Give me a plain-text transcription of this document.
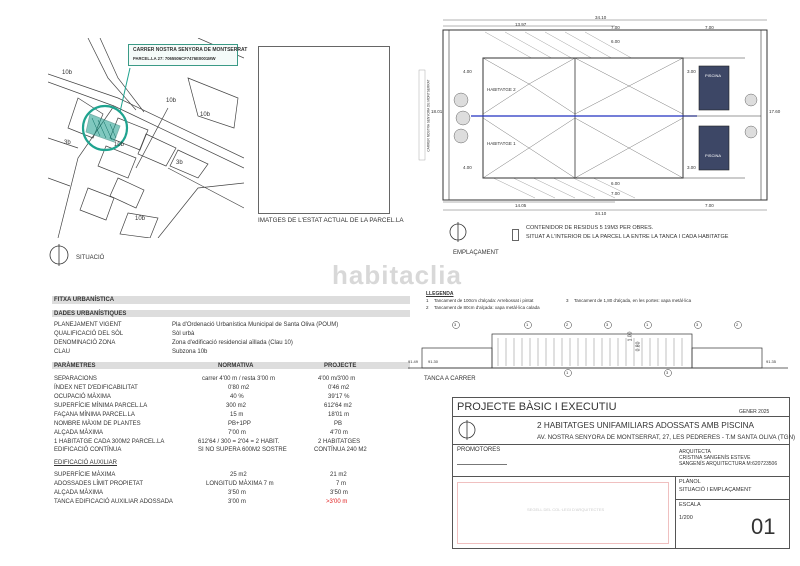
CARRER NOSTRA SENYORA DE MONTSERRAT
PARCEL.LA 27: 7065506CF7476E0001MW
10b
3b	10b
3b
10b
10b
10b
SITUACIÓ
IMATGES DE L'ESTAT ACTUAL DE LA PARCEL.LA
34.10
13.97
14.05
34.10
7.00
6.00
6.00
7.00
7.00
7.00
18.01	17.60
4.00
4.00
3.00
3.00
HABITATGE 2
HABITATGE 1
PISCINA
PISCINA
CARRER NOSTRA SENYORA DE MONTSERRAT
EMPLAÇAMENT
CONTENIDOR DE RESIDUS 5 19M3 PER OBRES.
SITUAT A L'INTERIOR DE LA PARCEL LA ENTRE LA TANCA I CADA HABITATGE
habitaclia
FITXA URBANÍSTICA
DADES URBANÍSTIQUES
PLANEJAMENT VIGENT	Pla d'Ordenació Urbanística Municipal de Santa Oliva (POUM)
QUALIFICACIÓ DEL SÒL	Sòl urbà
DENOMINACIÓ ZONA	Zona d'edificació residencial aïllada (Clau 10)
CLAU	Subzona 10b
PARÀMETRES	NORMATIVA	PROJECTE
SEPARACIONS	carrer 4'00 m / resta 3'00 m	4'00 m/3'00 m
ÍNDEX NET D'EDIFICABILITAT	0'80 m2	0'46 m2
OCUPACIÓ MÀXIMA	40 %	39'17 %
SUPERFÍCIE MÍNIMA PARCEL.LA	300 m2	612'64 m2
FAÇANA MÍNIMA PARCEL.LA	15 m	18'01 m
NOMBRE MÀXIM DE PLANTES	PB+1PP	PB
ALÇADA MÀXIMA	7'00 m	4'70 m
1 HABITATGE CADA 300M2 PARCEL.LA	612'64 / 300 = 2'04 = 2 HABIT.	2 HABITATGES
EDIFICACIÓ CONTÍNUA	SI NO SUPERA 600M2 SOSTRE	CONTÍNUA 240 M2
EDIFICACIÓ AUXILIAR
SUPERFÍCIE MÀXIMA	25 m2	21 m2
ADOSSADES LÍMIT PROPIETAT	LONGITUD MÀXIMA 7 m	7 m
ALÇADA MÀXIMA	3'50 m	3'50 m
TANCA EDIFICACIÓ AUXILIAR ADOSSADA	3'00 m	>3'00 m
LLEGENDA
1 Tancament de 100cm d'alçada: Arrebossat i pintat
2 Tancament de 80cm d'alçada: xapa metàl·lica calada
3 Tancament de 1,80 d'alçada, en les portes: xapa metàl·lica
3	1	2	3	1	3	2
1	3
1.00
0.80
91.49 91.30	91.35
TANCA A CARRER
PROJECTE BÀSIC I EXECUTIU	GENER 2025
2 HABITATGES UNIFAMILIARS ADOSSATS AMB PISCINA
AV. NOSTRA SENYORA DE MONTSERRAT, 27, LES PEDRERES - T.M SANTA OLIVA (TGN)
PROMOTORES	ARQUITECTA
CRISTINA SANGENÍS ESTEVE
SANGENÍS ARQUITECTURA M:620723506
SEGELL DEL COL·LEGI D'ARQUITECTES
PLÀNOL
SITUACIÓ I EMPLAÇAMENT
ESCALA
1/200	01
